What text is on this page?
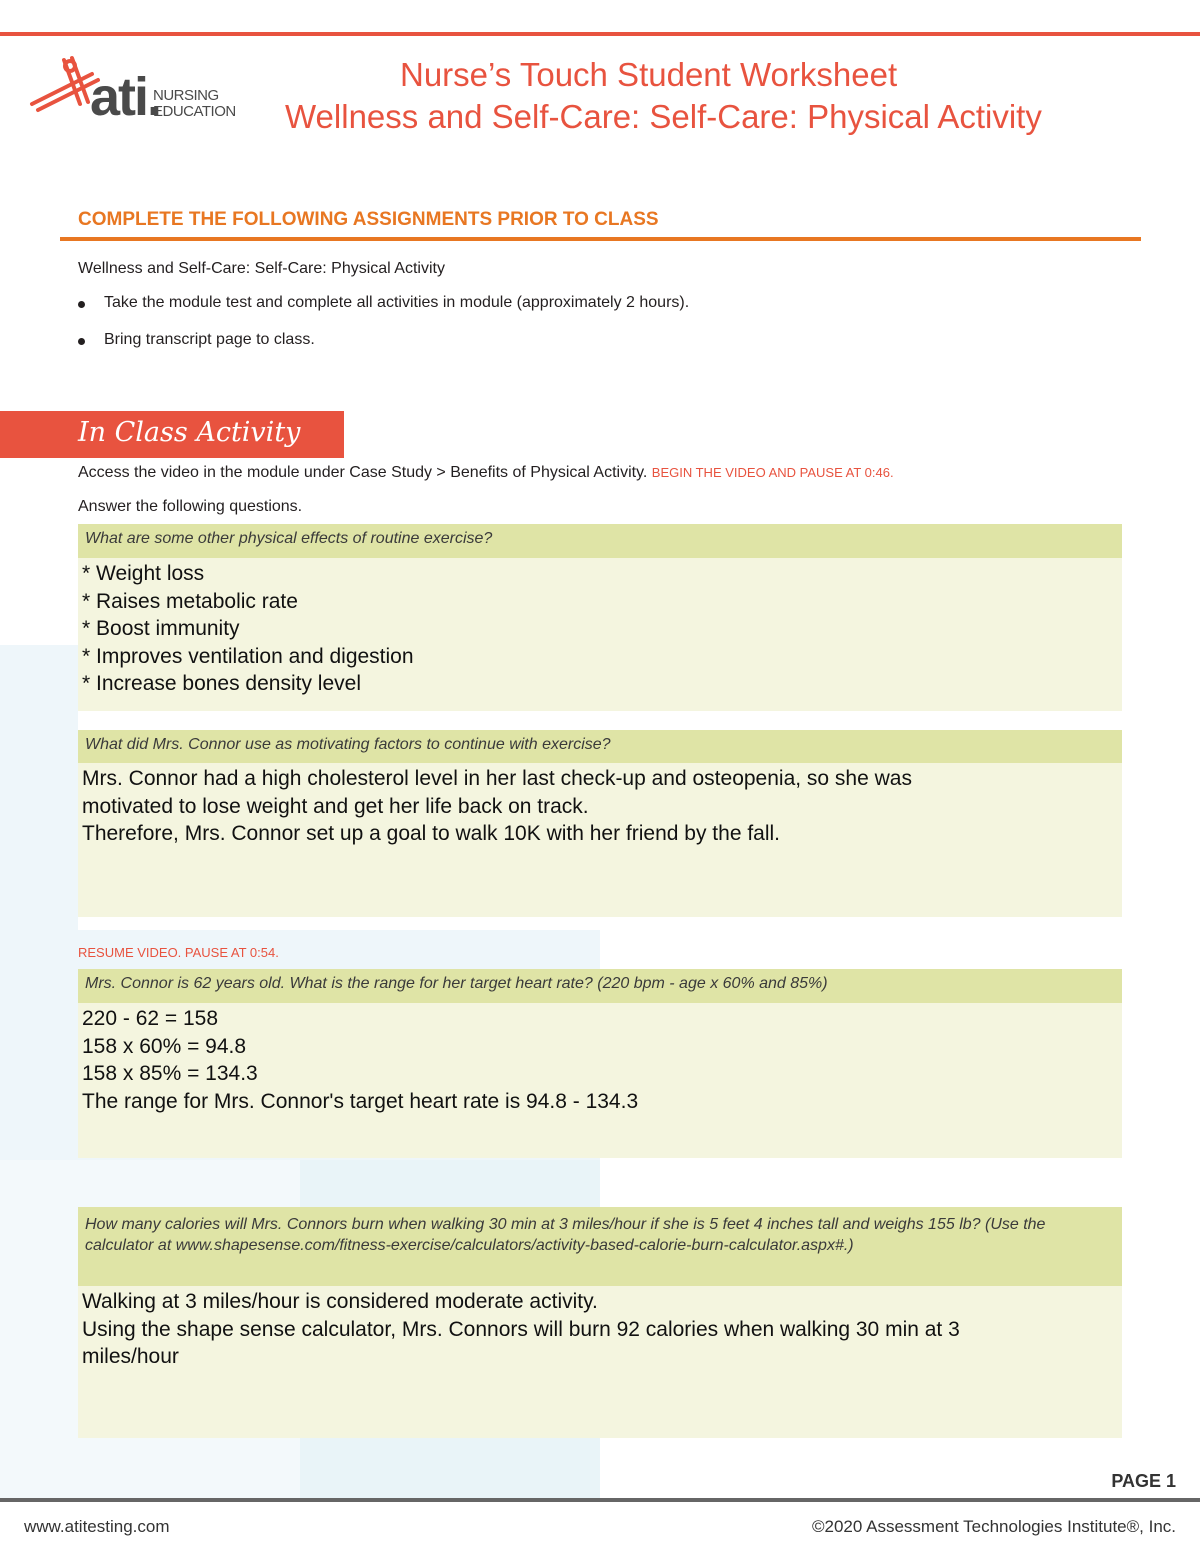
ati.
NURSING
EDUCATION
Nurse’s Touch Student Worksheet
Wellness and Self-Care: Self-Care: Physical Activity
COMPLETE THE FOLLOWING ASSIGNMENTS PRIOR TO CLASS
Wellness and Self-Care: Self-Care: Physical Activity
Take the module test and complete all activities in module (approximately 2 hours).
Bring transcript page to class.
In Class Activity
Access the video in the module under Case Study > Benefits of Physical Activity. BEGIN THE VIDEO AND PAUSE AT 0:46.
Answer the following questions.
What are some other physical effects of routine exercise?
* Weight loss
* Raises metabolic rate
* Boost immunity
* Improves ventilation and digestion
* Increase bones density level
What did Mrs. Connor use as motivating factors to continue with exercise?
Mrs. Connor had a high cholesterol level in her last check-up and osteopenia, so she was
motivated to lose weight and get her life back on track.
Therefore, Mrs. Connor set up a goal to walk 10K with her friend by the fall.
RESUME VIDEO. PAUSE AT 0:54.
Mrs. Connor is 62 years old. What is the range for her target heart rate? (220 bpm - age x 60% and 85%)
220 - 62 = 158
158 x 60% = 94.8
158 x 85% = 134.3
The range for Mrs. Connor's target heart rate is 94.8 - 134.3
How many calories will Mrs. Connors burn when walking 30 min at 3 miles/hour if she is 5 feet 4 inches tall and weighs 155 lb? (Use the calculator at www.shapesense.com/fitness-exercise/calculators/activity-based-calorie-burn-calculator.aspx#.)
Walking at 3 miles/hour is considered moderate activity.
Using the shape sense calculator, Mrs. Connors will burn 92 calories when walking 30 min at 3
miles/hour
PAGE 1
www.atitesting.com	©2020 Assessment Technologies Institute®, Inc.
